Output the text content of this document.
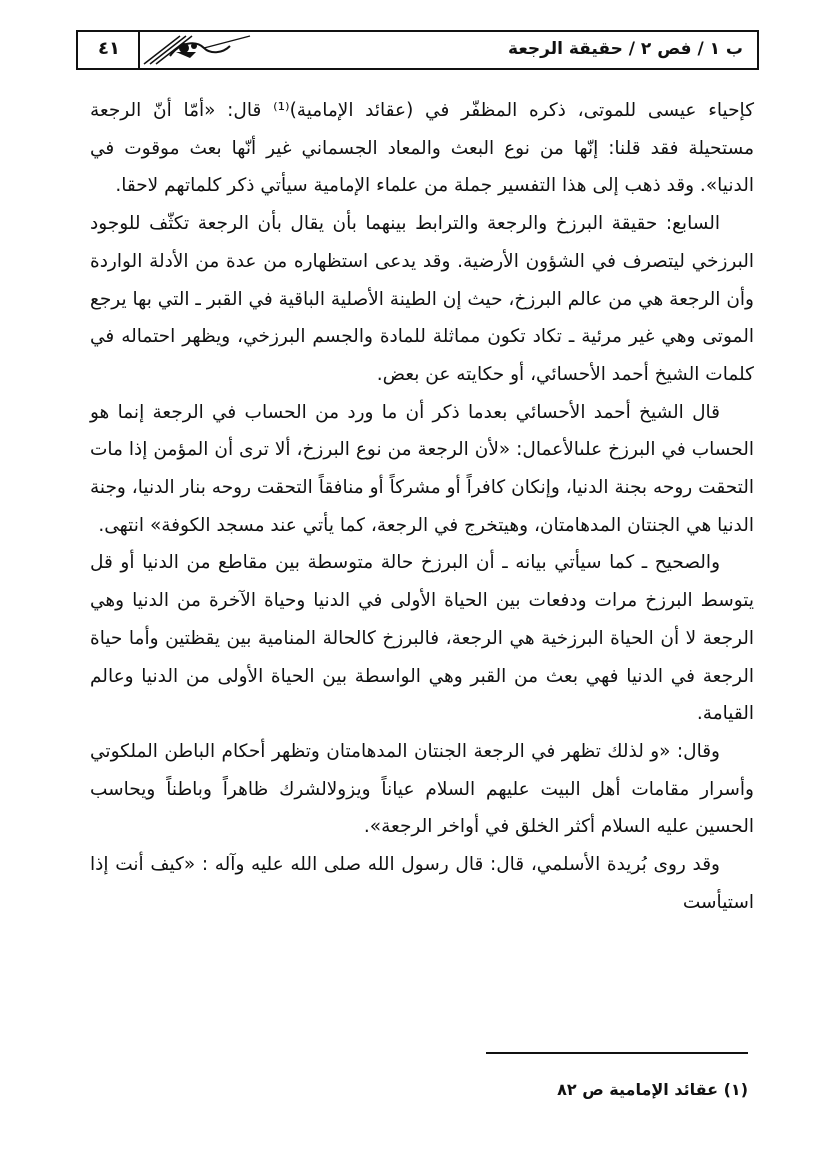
٤١	ب ١ / فص ٢ / حقيقة الرجعة

كإحياء عيسى للموتى، ذكره المظفّر في (عقائد الإمامية)⁽¹⁾ قال: «أمّا أنّ الرجعة مستحيلة فقد قلنا: إنّها من نوع البعث والمعاد الجسماني غير أنّها بعث موقوت في الدنيا». وقد ذهب إلى هذا التفسير جملة من علماء الإمامية سيأتي ذكر كلماتهم لاحقا.

السابع: حقيقة البرزخ والرجعة والترابط بينهما بأن يقال بأن الرجعة تكثّف للوجود البرزخي ليتصرف في الشؤون الأرضية. وقد يدعى استظهاره من عدة من الأدلة الواردة وأن الرجعة هي من عالم البرزخ، حيث إن الطينة الأصلية الباقية في القبر ـ التي بها يرجع الموتى وهي غير مرئية ـ تكاد تكون مماثلة للمادة والجسم البرزخي، ويظهر احتماله في كلمات الشيخ أحمد الأحسائي، أو حكايته عن بعض.

قال الشيخ أحمد الأحسائي بعدما ذكر أن ما ورد من الحساب في الرجعة إنما هو الحساب في البرزخ علىالأعمال: «لأن الرجعة من نوع البرزخ، ألا ترى أن المؤمن إذا مات التحقت روحه بجنة الدنيا، وإنكان كافراً أو مشركاً أو منافقاً التحقت روحه بنار الدنيا، وجنة الدنيا هي الجنتان المدهامتان، وهيتخرج في الرجعة، كما يأتي عند مسجد الكوفة» انتهى.

والصحيح ـ كما سيأتي بيانه ـ أن البرزخ حالة متوسطة بين مقاطع من الدنيا أو قل يتوسط البرزخ مرات ودفعات بين الحياة الأولى في الدنيا وحياة الآخرة من الدنيا وهي الرجعة لا أن الحياة البرزخية هي الرجعة، فالبرزخ كالحالة المنامية بين يقظتين وأما حياة الرجعة في الدنيا فهي بعث من القبر وهي الواسطة بين الحياة الأولى من الدنيا وعالم القيامة.

وقال: «و لذلك تظهر في الرجعة الجنتان المدهامتان وتظهر أحكام الباطن الملكوتي وأسرار مقامات أهل البيت عليهم السلام عياناً ويزولالشرك ظاهراً وباطناً ويحاسب الحسين عليه السلام أكثر الخلق في أواخر الرجعة».

وقد روى بُريدة الأسلمي، قال: قال رسول الله صلى الله عليه وآله : «كيف أنت إذا استيأست

(١) عقائد الإمامية ص ٨٢
